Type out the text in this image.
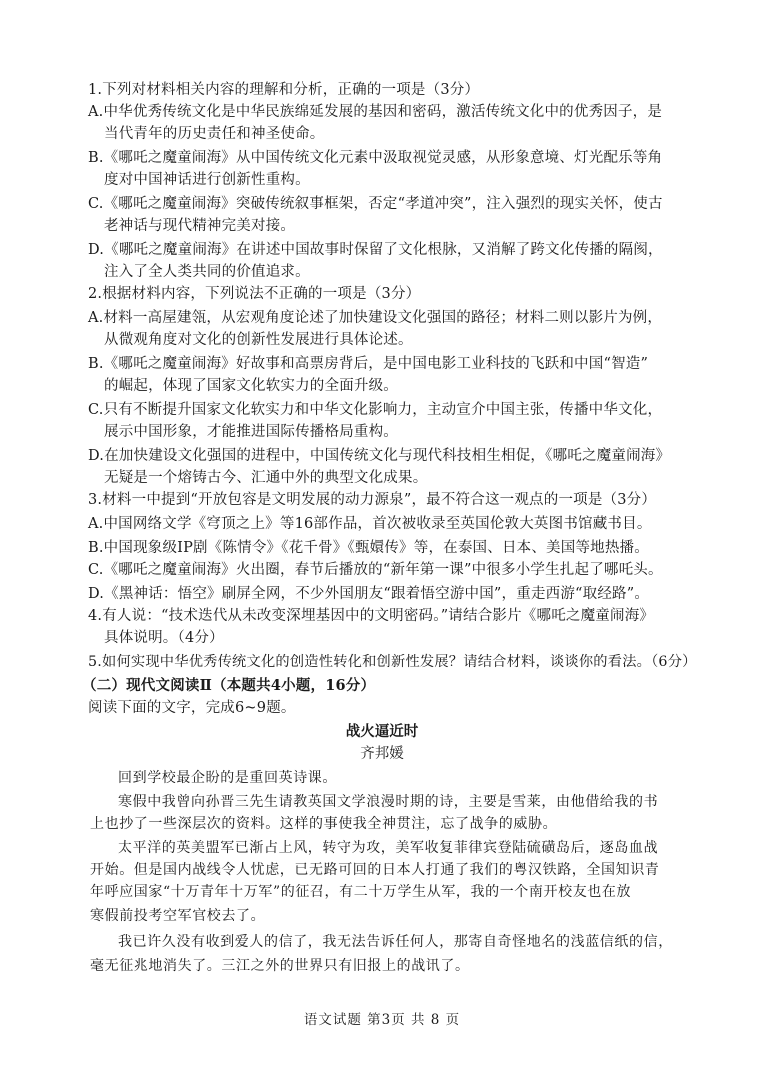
1.下列对材料相关内容的理解和分析，正确的一项是（3分）
A.中华优秀传统文化是中华民族绵延发展的基因和密码，激活传统文化中的优秀因子，是
当代青年的历史责任和神圣使命。
B.《哪吒之魔童闹海》从中国传统文化元素中汲取视觉灵感，从形象意境、灯光配乐等角
度对中国神话进行创新性重构。
C.《哪吒之魔童闹海》突破传统叙事框架，否定“孝道冲突”，注入强烈的现实关怀，使古
老神话与现代精神完美对接。
D.《哪吒之魔童闹海》在讲述中国故事时保留了文化根脉，又消解了跨文化传播的隔阂，
注入了全人类共同的价值追求。
2.根据材料内容，下列说法不正确的一项是（3分）
A.材料一高屋建瓴，从宏观角度论述了加快建设文化强国的路径；材料二则以影片为例，
从微观角度对文化的创新性发展进行具体论述。
B.《哪吒之魔童闹海》好故事和高票房背后，是中国电影工业科技的飞跃和中国“智造”
的崛起，体现了国家文化软实力的全面升级。
C.只有不断提升国家文化软实力和中华文化影响力，主动宣介中国主张，传播中华文化，
展示中国形象，才能推进国际传播格局重构。
D.在加快建设文化强国的进程中，中国传统文化与现代科技相生相促，《哪吒之魔童闹海》
无疑是一个熔铸古今、汇通中外的典型文化成果。
3.材料一中提到“开放包容是文明发展的动力源泉”，最不符合这一观点的一项是（3分）
A.中国网络文学《穹顶之上》等16部作品，首次被收录至英国伦敦大英图书馆藏书目。
B.中国现象级IP剧《陈情令》《花千骨》《甄嬛传》等，在泰国、日本、美国等地热播。
C.《哪吒之魔童闹海》火出圈，春节后播放的“新年第一课”中很多小学生扎起了哪吒头。
D.《黑神话：悟空》刷屏全网，不少外国朋友“跟着悟空游中国”，重走西游“取经路”。
4.有人说：“技术迭代从未改变深埋基因中的文明密码。”请结合影片《哪吒之魔童闹海》
具体说明。（4分）
5.如何实现中华优秀传统文化的创造性转化和创新性发展？请结合材料，谈谈你的看法。（6分）
（二）现代文阅读Ⅱ（本题共4小题，16分）
阅读下面的文字，完成6~9题。
战火逼近时
齐邦媛
回到学校最企盼的是重回英诗课。
寒假中我曾向孙晋三先生请教英国文学浪漫时期的诗，主要是雪莱，由他借给我的书
上也抄了一些深层次的资料。这样的事使我全神贯注，忘了战争的威胁。
太平洋的英美盟军已渐占上风，转守为攻，美军收复菲律宾登陆硫磺岛后，逐岛血战
开始。但是国内战线令人忧虑，已无路可回的日本人打通了我们的粤汉铁路，全国知识青
年呼应国家“十万青年十万军”的征召，有二十万学生从军，我的一个南开校友也在放
寒假前投考空军官校去了。
我已许久没有收到爱人的信了，我无法告诉任何人，那寄自奇怪地名的浅蓝信纸的信，
毫无征兆地消失了。三江之外的世界只有旧报上的战讯了。
语文试题 第3页 共 8 页
